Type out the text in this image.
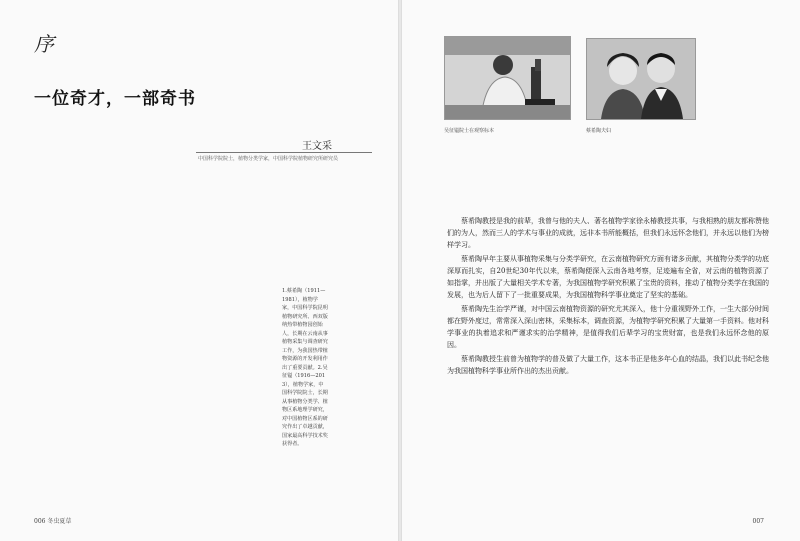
序
一位奇才，一部奇书
王文采
中国科学院院士，植物分类学家，中国科学院植物研究所研究员
1.蔡希陶（1911—1981），植物学家，中国科学院昆明植物研究所、西双版纳热带植物园创始人，长期在云南从事植物采集与调查研究工作，为我国热带植物资源的开发利用作出了重要贡献。2.吴征镒（1916—2013），植物学家，中国科学院院士，长期从事植物分类学、植物区系地理学研究，对中国植物区系的研究作出了卓越贡献，国家最高科学技术奖获得者。
006 冬虫夏草
吴征镒院士在观察标本	蔡希陶夫妇

蔡希陶教授是我的前辈，我曾与他的夫人、著名植物学家徐永椿教授共事，与我相熟的朋友都称赞他们的为人，然而三人的学术与事业的成就，远非本书所能概括，但我们永远怀念他们，并永远以他们为榜样学习。

蔡希陶早年主要从事植物采集与分类学研究，在云南植物研究方面有诸多贡献，其植物分类学的功底深厚而扎实，自20世纪30年代以来，蔡希陶便深入云南各地考察，足迹遍布全省，对云南的植物资源了如指掌，并出版了大量相关学术专著，为我国植物学研究积累了宝贵的资料，推动了植物分类学在我国的发展，也为后人留下了一批重要成果，为我国植物科学事业奠定了坚实的基础。

蔡希陶先生治学严谨，对中国云南植物资源的研究尤其深入，他十分重视野外工作，一生大部分时间都在野外度过，常常深入深山密林，采集标本，调查资源，为植物学研究积累了大量第一手资料。他对科学事业的执着追求和严谨求实的治学精神，是值得我们后辈学习的宝贵财富，也是我们永远怀念他的原因。

蔡希陶教授生前曾为植物学的普及做了大量工作，这本书正是他多年心血的结晶，我们以此书纪念他为我国植物科学事业所作出的杰出贡献。

007
